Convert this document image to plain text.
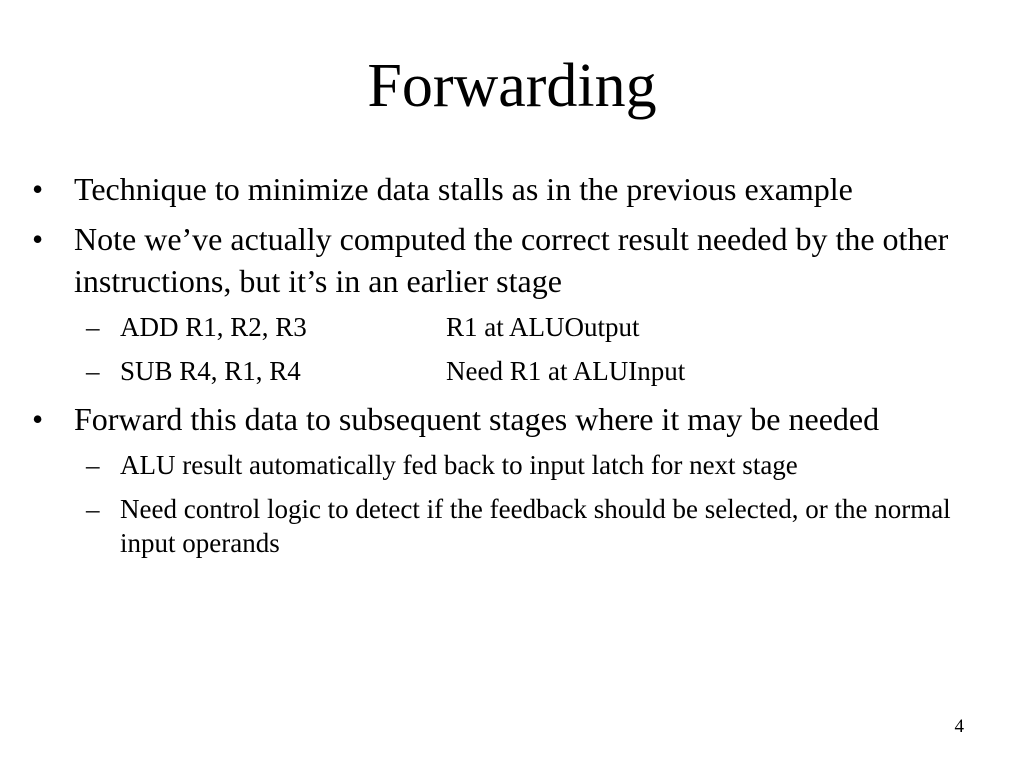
Forwarding
• Technique to minimize data stalls as in the previous example
• Note we’ve actually computed the correct result needed by the other instructions, but it’s in an earlier stage
– ADD R1, R2, R3	R1 at ALUOutput
– SUB R4, R1, R4	Need R1 at ALUInput
• Forward this data to subsequent stages where it may be needed
– ALU result automatically fed back to input latch for next stage
– Need control logic to detect if the feedback should be selected, or the normal input operands
4
